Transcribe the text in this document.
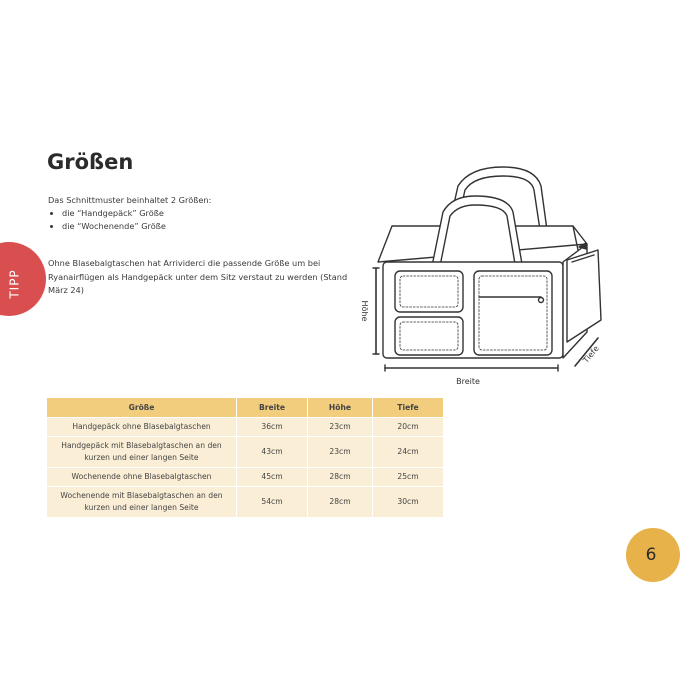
Größen
Das Schnittmuster beinhaltet 2 Größen:
• die “Handgepäck” Größe
• die “Wochenende” Größe
Ohne Blasebalgtaschen hat Arrividerci die passende Größe um bei Ryanairflügen als Handgepäck unter dem Sitz verstaut zu werden (Stand März 24)
TIPP
Höhe
Breite
Tiefe
Größe	Breite	Höhe	Tiefe
Handgepäck ohne Blasebalgtaschen	36cm	23cm	20cm
Handgepäck mit Blasebalgtaschen an den kurzen und einer langen Seite	43cm	23cm	24cm
Wochenende ohne Blasebalgtaschen	45cm	28cm	25cm
Wochenende mit Blasebalgtaschen an den kurzen und einer langen Seite	54cm	28cm	30cm
6
